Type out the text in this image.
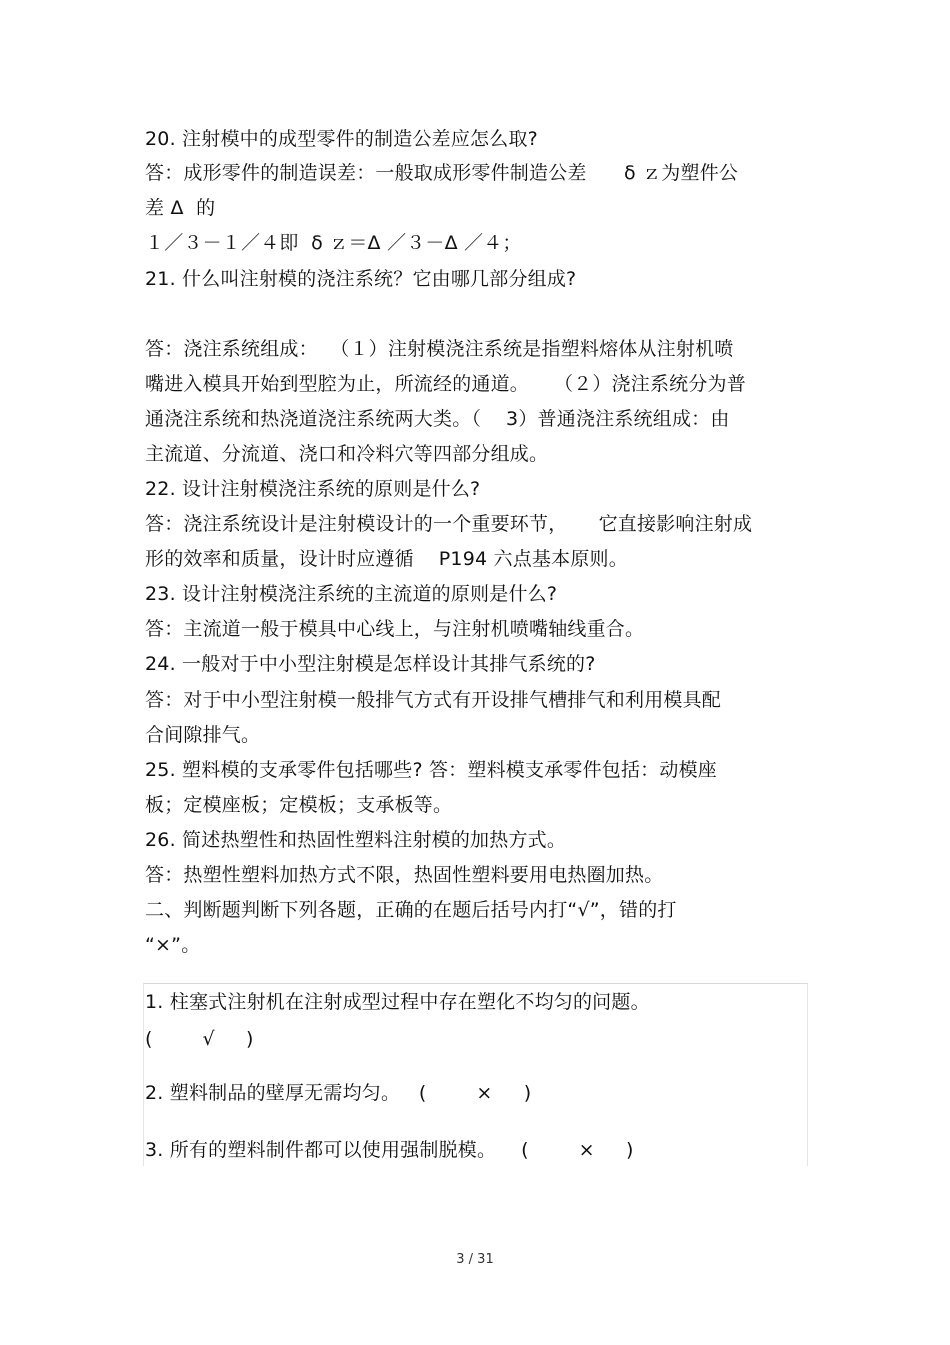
20. 注射模中的成型零件的制造公差应怎么取?
答：成形零件的制造误差：一般取成形零件制造公差      δ ｚ为塑件公
差 Δ  的
１／３－１／４即  δ ｚ＝Δ ／３－Δ ／４；
21. 什么叫注射模的浇注系统？它由哪几部分组成?
答：浇注系统组成：  （１）注射模浇注系统是指塑料熔体从注射机喷
嘴进入模具开始到型腔为止，所流经的通道。    （２）浇注系统分为普
通浇注系统和热浇道浇注系统两大类。（    3）普通浇注系统组成：由
主流道、分流道、浇口和冷料穴等四部分组成。
22. 设计注射模浇注系统的原则是什么?
答：浇注系统设计是注射模设计的一个重要环节，     它直接影响注射成
形的效率和质量，设计时应遵循    P194 六点基本原则。
23. 设计注射模浇注系统的主流道的原则是什么?
答：主流道一般于模具中心线上，与注射机喷嘴轴线重合。
24. 一般对于中小型注射模是怎样设计其排气系统的?
答：对于中小型注射模一般排气方式有开设排气槽排气和利用模具配
合间隙排气。
25. 塑料模的支承零件包括哪些? 答：塑料模支承零件包括：动模座
板；定模座板；定模板；支承板等。
26. 简述热塑性和热固性塑料注射模的加热方式。
答：热塑性塑料加热方式不限，热固性塑料要用电热圈加热。
二、判断题判断下列各题，正确的在题后括号内打“√”，错的打
“×”。
1. 柱塞式注射机在注射成型过程中存在塑化不均匀的问题。
(        √     )
2. 塑料制品的壁厚无需均匀。   (        ×     )
3. 所有的塑料制件都可以使用强制脱模。    (        ×     )
3 / 31
